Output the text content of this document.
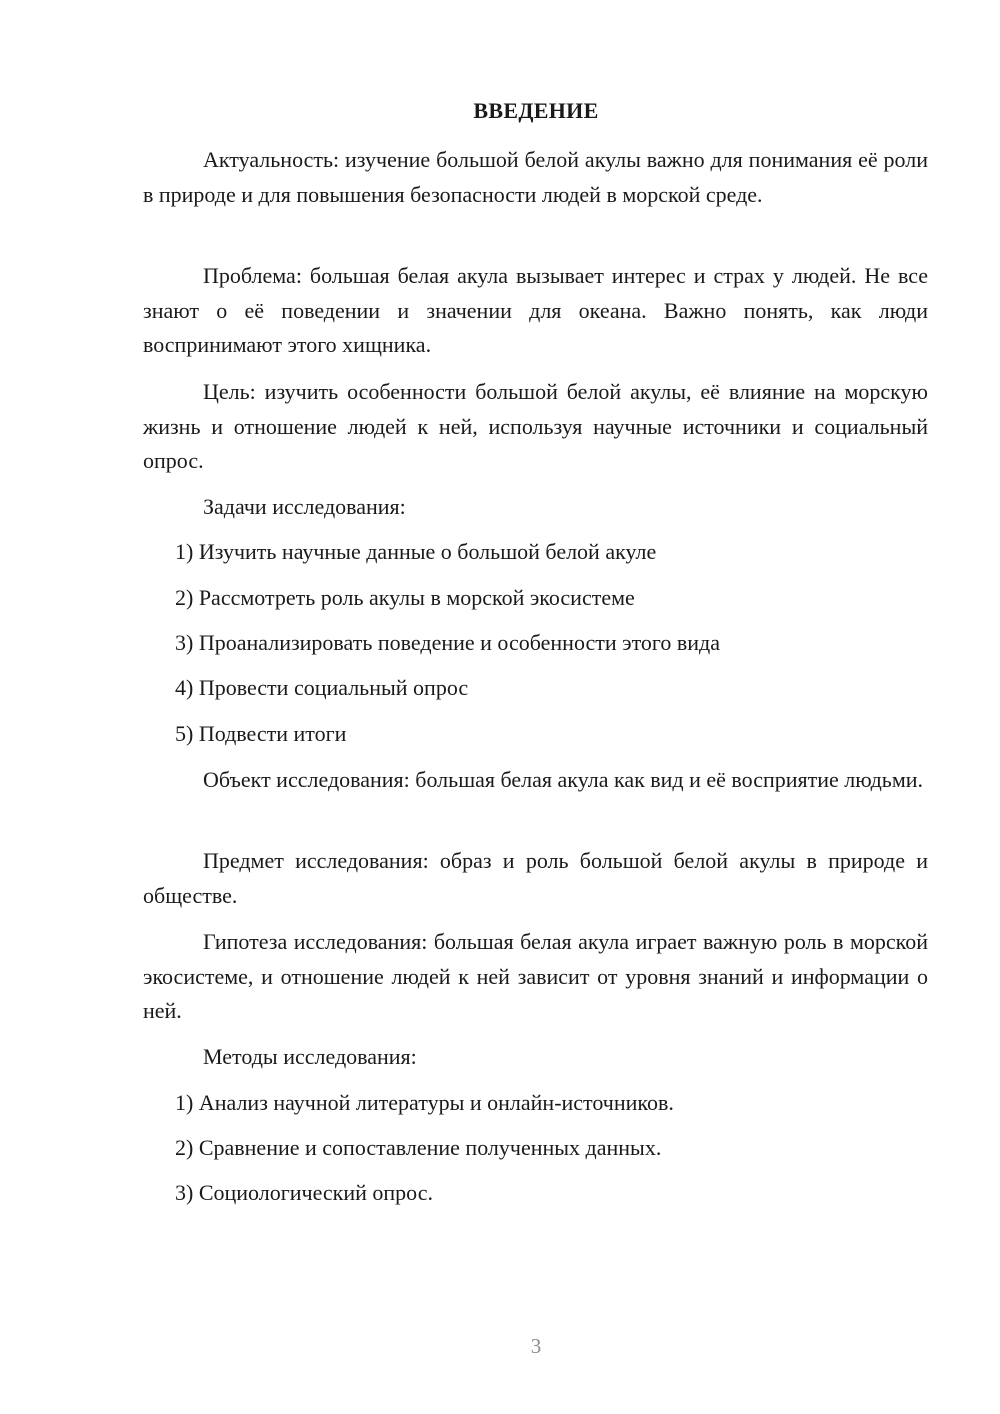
ВВЕДЕНИЕ

Актуальность: изучение большой белой акулы важно для понимания её роли в природе и для повышения безопасности людей в морской среде.

Проблема: большая белая акула вызывает интерес и страх у людей. Не все знают о её поведении и значении для океана. Важно понять, как люди воспринимают этого хищника.

Цель: изучить особенности большой белой акулы, её влияние на морскую жизнь и отношение людей к ней, используя научные источники и социальный опрос.

Задачи исследования:

1) Изучить научные данные о большой белой акуле

2) Рассмотреть роль акулы в морской экосистеме

3) Проанализировать поведение и особенности этого вида

4) Провести социальный опрос

5) Подвести итоги

Объект исследования: большая белая акула как вид и её восприятие людьми.

Предмет исследования: образ и роль большой белой акулы в природе и обществе.

Гипотеза исследования: большая белая акула играет важную роль в морской экосистеме, и отношение людей к ней зависит от уровня знаний и информации о ней.

Методы исследования:

1) Анализ научной литературы и онлайн-источников.

2) Сравнение и сопоставление полученных данных.

3) Социологический опрос.

3
